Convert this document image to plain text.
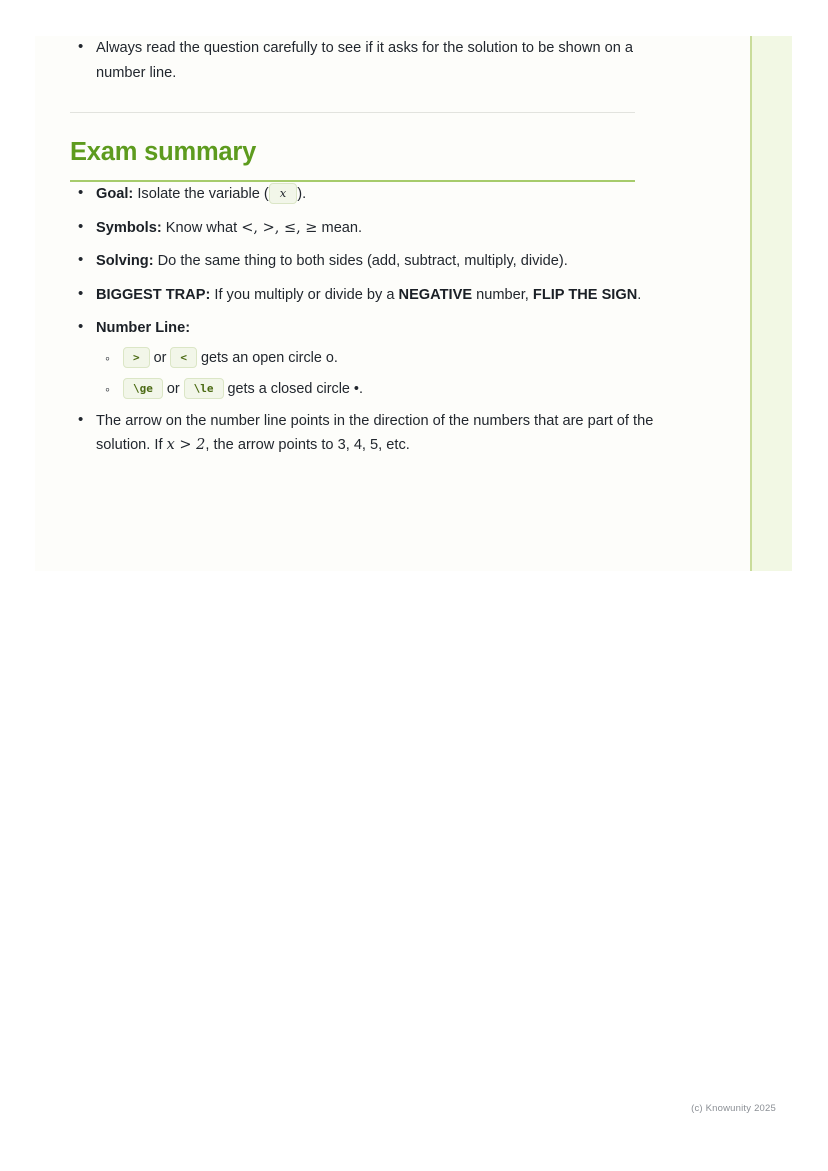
• Always read the question carefully to see if it asks for the solution to be shown on a number line.
Exam summary
• Goal: Isolate the variable ( x ).
• Symbols: Know what <, >, ≤, ≥ mean.
• Solving: Do the same thing to both sides (add, subtract, multiply, divide).
• BIGGEST TRAP: If you multiply or divide by a NEGATIVE number, FLIP THE SIGN.
• Number Line:
◦ > or < gets an open circle o.
◦ \ge or \le gets a closed circle •.
• The arrow on the number line points in the direction of the numbers that are part of the solution. If x > 2, the arrow points to 3, 4, 5, etc.
(c) Knowunity 2025
